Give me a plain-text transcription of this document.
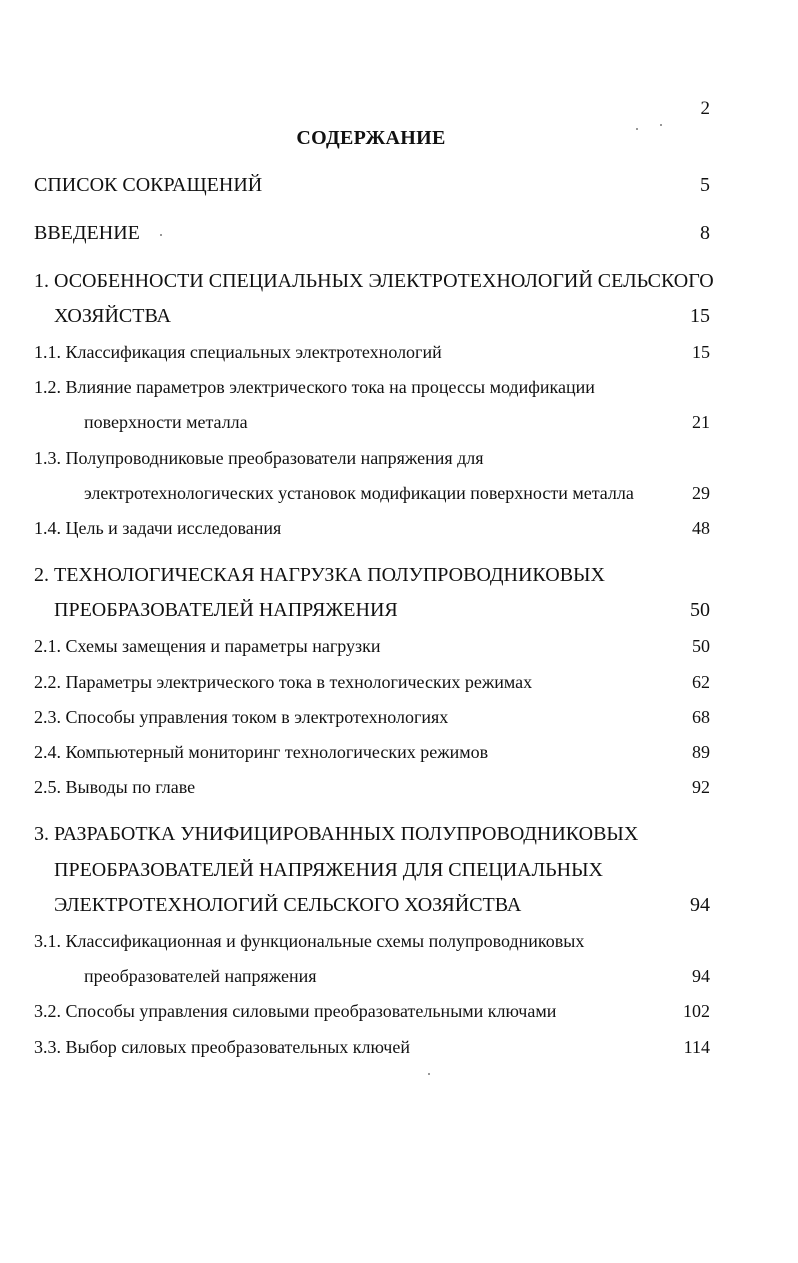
2
СОДЕРЖАНИЕ
СПИСОК СОКРАЩЕНИЙ	5
ВВЕДЕНИЕ	8
1. ОСОБЕННОСТИ СПЕЦИАЛЬНЫХ ЭЛЕКТРОТЕХНОЛОГИЙ СЕЛЬСКОГО
ХОЗЯЙСТВА	15
1.1. Классификация специальных электротехнологий	15
1.2. Влияние параметров электрического тока на процессы модификации
поверхности металла	21
1.3. Полупроводниковые преобразователи напряжения для
электротехнологических установок модификации поверхности металла	29
1.4. Цель и задачи исследования	48
2. ТЕХНОЛОГИЧЕСКАЯ НАГРУЗКА ПОЛУПРОВОДНИКОВЫХ
ПРЕОБРАЗОВАТЕЛЕЙ НАПРЯЖЕНИЯ	50
2.1. Схемы замещения и параметры нагрузки	50
2.2. Параметры электрического тока в технологических режимах	62
2.3. Способы управления током в электротехнологиях	68
2.4. Компьютерный мониторинг технологических режимов	89
2.5. Выводы по главе	92
3. РАЗРАБОТКА УНИФИЦИРОВАННЫХ ПОЛУПРОВОДНИКОВЫХ
ПРЕОБРАЗОВАТЕЛЕЙ НАПРЯЖЕНИЯ ДЛЯ СПЕЦИАЛЬНЫХ
ЭЛЕКТРОТЕХНОЛОГИЙ СЕЛЬСКОГО ХОЗЯЙСТВА	94
3.1. Классификационная и функциональные схемы полупроводниковых
преобразователей напряжения	94
3.2. Способы управления силовыми преобразовательными ключами	102
3.3. Выбор силовых преобразовательных ключей	114
